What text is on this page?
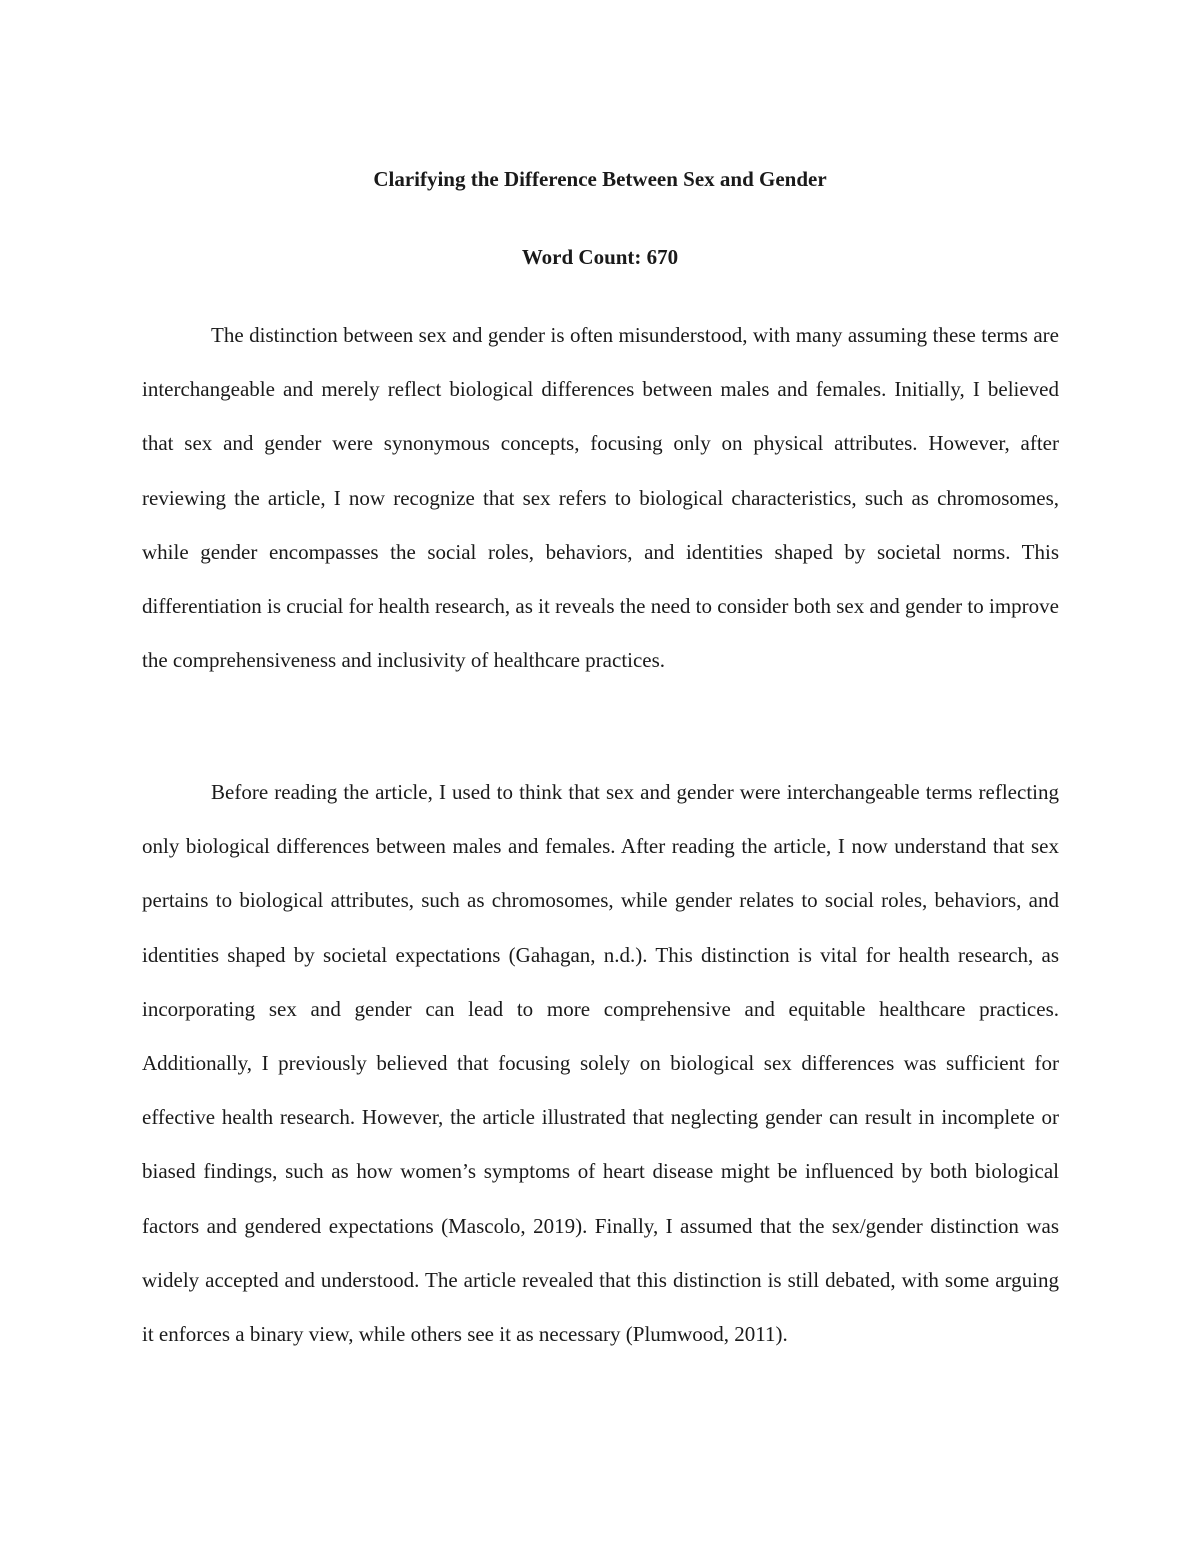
Clarifying the Difference Between Sex and Gender
Word Count: 670

The distinction between sex and gender is often misunderstood, with many assuming these terms are interchangeable and merely reflect biological differences between males and females. Initially, I believed that sex and gender were synonymous concepts, focusing only on physical attributes. However, after reviewing the article, I now recognize that sex refers to biological characteristics, such as chromosomes, while gender encompasses the social roles, behaviors, and identities shaped by societal norms. This differentiation is crucial for health research, as it reveals the need to consider both sex and gender to improve the comprehensiveness and inclusivity of healthcare practices.

Before reading the article, I used to think that sex and gender were interchangeable terms reflecting only biological differences between males and females. After reading the article, I now understand that sex pertains to biological attributes, such as chromosomes, while gender relates to social roles, behaviors, and identities shaped by societal expectations (Gahagan, n.d.). This distinction is vital for health research, as incorporating sex and gender can lead to more comprehensive and equitable healthcare practices. Additionally, I previously believed that focusing solely on biological sex differences was sufficient for effective health research. However, the article illustrated that neglecting gender can result in incomplete or biased findings, such as how women’s symptoms of heart disease might be influenced by both biological factors and gendered expectations (Mascolo, 2019). Finally, I assumed that the sex/gender distinction was widely accepted and understood. The article revealed that this distinction is still debated, with some arguing it enforces a binary view, while others see it as necessary (Plumwood, 2011).
